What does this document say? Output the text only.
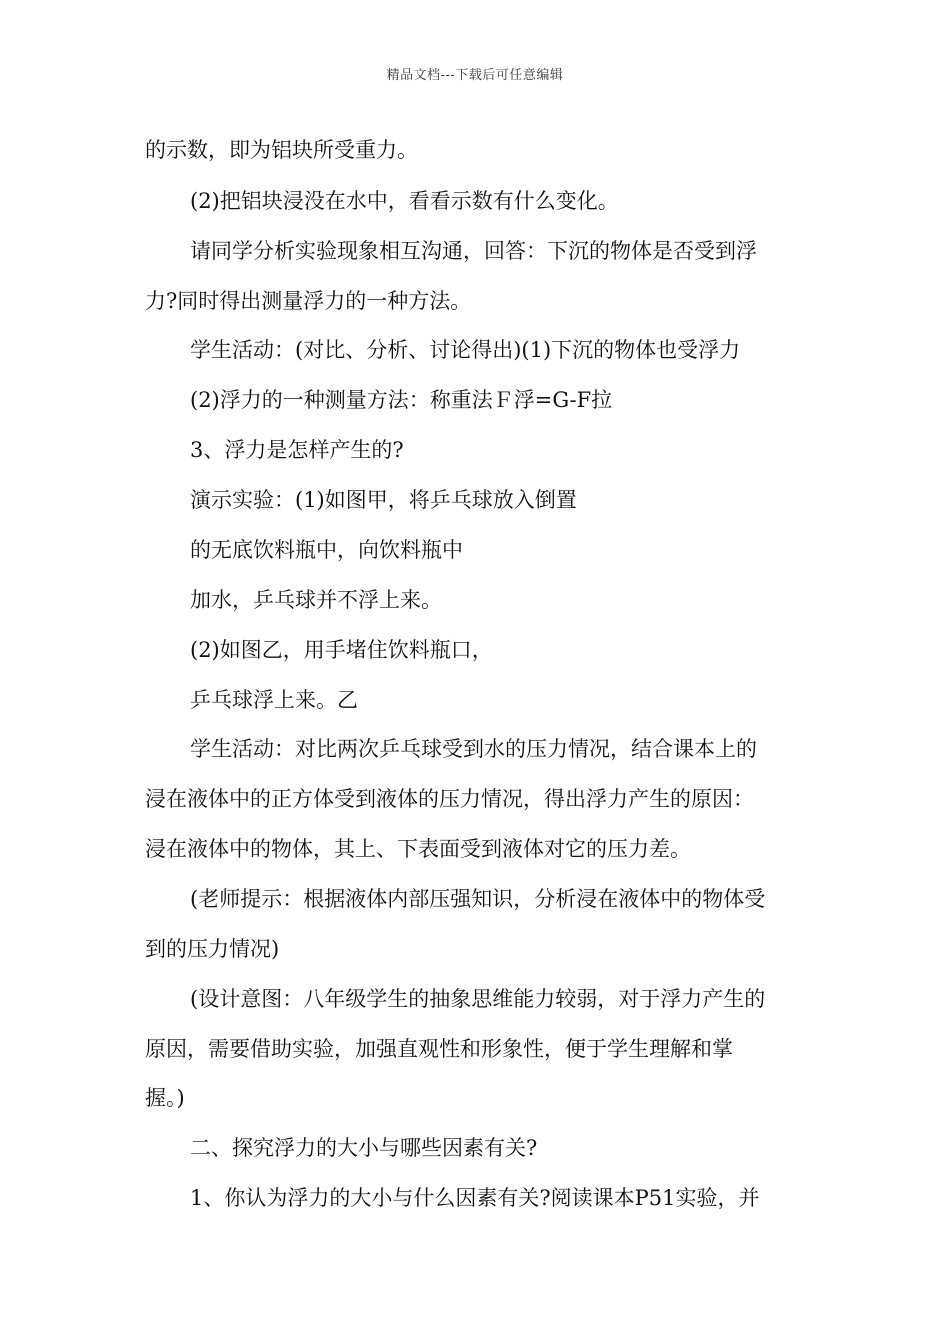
精品文档---下载后可任意编辑
的示数，即为铝块所受重力。
(2)把铝块浸没在水中，看看示数有什么变化。
请同学分析实验现象相互沟通，回答：下沉的物体是否受到浮
力?同时得出测量浮力的一种方法。
学生活动：(对比、分析、讨论得出)(1)下沉的物体也受浮力
(2)浮力的一种测量方法：称重法Ｆ浮=G-F拉
3、浮力是怎样产生的?
演示实验：(1)如图甲，将乒乓球放入倒置
的无底饮料瓶中，向饮料瓶中
加水，乒乓球并不浮上来。
(2)如图乙，用手堵住饮料瓶口，
乒乓球浮上来。乙
学生活动：对比两次乒乓球受到水的压力情况，结合课本上的
浸在液体中的正方体受到液体的压力情况，得出浮力产生的原因：
浸在液体中的物体，其上、下表面受到液体对它的压力差。
(老师提示：根据液体内部压强知识，分析浸在液体中的物体受
到的压力情况)
(设计意图：八年级学生的抽象思维能力较弱，对于浮力产生的
原因，需要借助实验，加强直观性和形象性，便于学生理解和掌
握。)
二、探究浮力的大小与哪些因素有关?
1、你认为浮力的大小与什么因素有关?阅读课本P51实验，并
